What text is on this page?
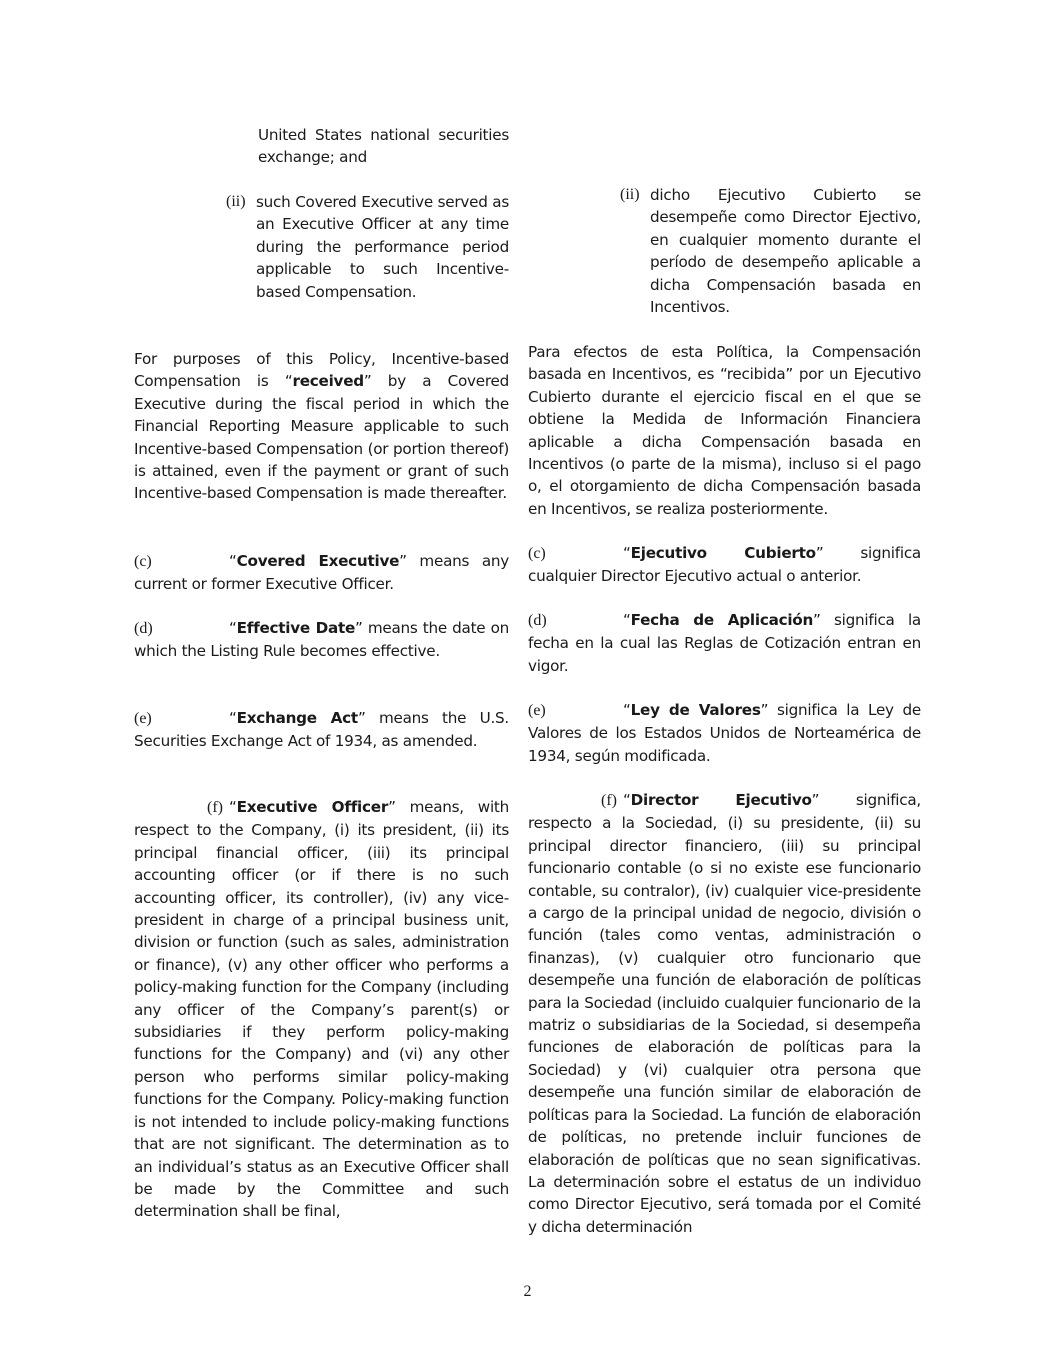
United States national securities exchange; and
(ii) such Covered Executive served as an Executive Officer at any time during the performance period applicable to such Incentive-based Compensation.
For purposes of this Policy, Incentive-based Compensation is “received” by a Covered Executive during the fiscal period in which the Financial Reporting Measure applicable to such Incentive-based Compensation (or portion thereof) is attained, even if the payment or grant of such Incentive-based Compensation is made thereafter.
(c)	“Covered Executive” means any current or former Executive Officer.
(d)	“Effective Date” means the date on which the Listing Rule becomes effective.
(e)	“Exchange Act” means the U.S. Securities Exchange Act of 1934, as amended.
(f) “Executive Officer” means, with respect to the Company, (i) its president, (ii) its principal financial officer, (iii) its principal accounting officer (or if there is no such accounting officer, its controller), (iv) any vice-president in charge of a principal business unit, division or function (such as sales, administration or finance), (v) any other officer who performs a policy-making function for the Company (including any officer of the Company’s parent(s) or subsidiaries if they perform policy-making functions for the Company) and (vi) any other person who performs similar policy-making functions for the Company. Policy-making function is not intended to include policy-making functions that are not significant. The determination as to an individual’s status as an Executive Officer shall be made by the Committee and such determination shall be final,
(ii) dicho Ejecutivo Cubierto se desempeñe como Director Ejectivo, en cualquier momento durante el período de desempeño aplicable a dicha Compensación basada en Incentivos.
Para efectos de esta Política, la Compensación basada en Incentivos, es “recibida” por un Ejecutivo Cubierto durante el ejercicio fiscal en el que se obtiene la Medida de Información Financiera aplicable a dicha Compensación basada en Incentivos (o parte de la misma), incluso si el pago o, el otorgamiento de dicha Compensación basada en Incentivos, se realiza posteriormente.
(c)	“Ejecutivo Cubierto” significa cualquier Director Ejecutivo actual o anterior.
(d)	“Fecha de Aplicación” significa la fecha en la cual las Reglas de Cotización entran en vigor.
(e)	“Ley de Valores” significa la Ley de Valores de los Estados Unidos de Norteamérica de 1934, según modificada.
(f) “Director Ejecutivo” significa, respecto a la Sociedad, (i) su presidente, (ii) su principal director financiero, (iii) su principal funcionario contable (o si no existe ese funcionario contable, su contralor), (iv) cualquier vice-presidente a cargo de la principal unidad de negocio, división o función (tales como ventas, administración o finanzas), (v) cualquier otro funcionario que desempeñe una función de elaboración de políticas para la Sociedad (incluido cualquier funcionario de la matriz o subsidiarias de la Sociedad, si desempeña funciones de elaboración de políticas para la Sociedad) y (vi) cualquier otra persona que desempeñe una función similar de elaboración de políticas para la Sociedad. La función de elaboración de políticas, no pretende incluir funciones de elaboración de políticas que no sean significativas. La determinación sobre el estatus de un individuo como Director Ejecutivo, será tomada por el Comité y dicha determinación
2
